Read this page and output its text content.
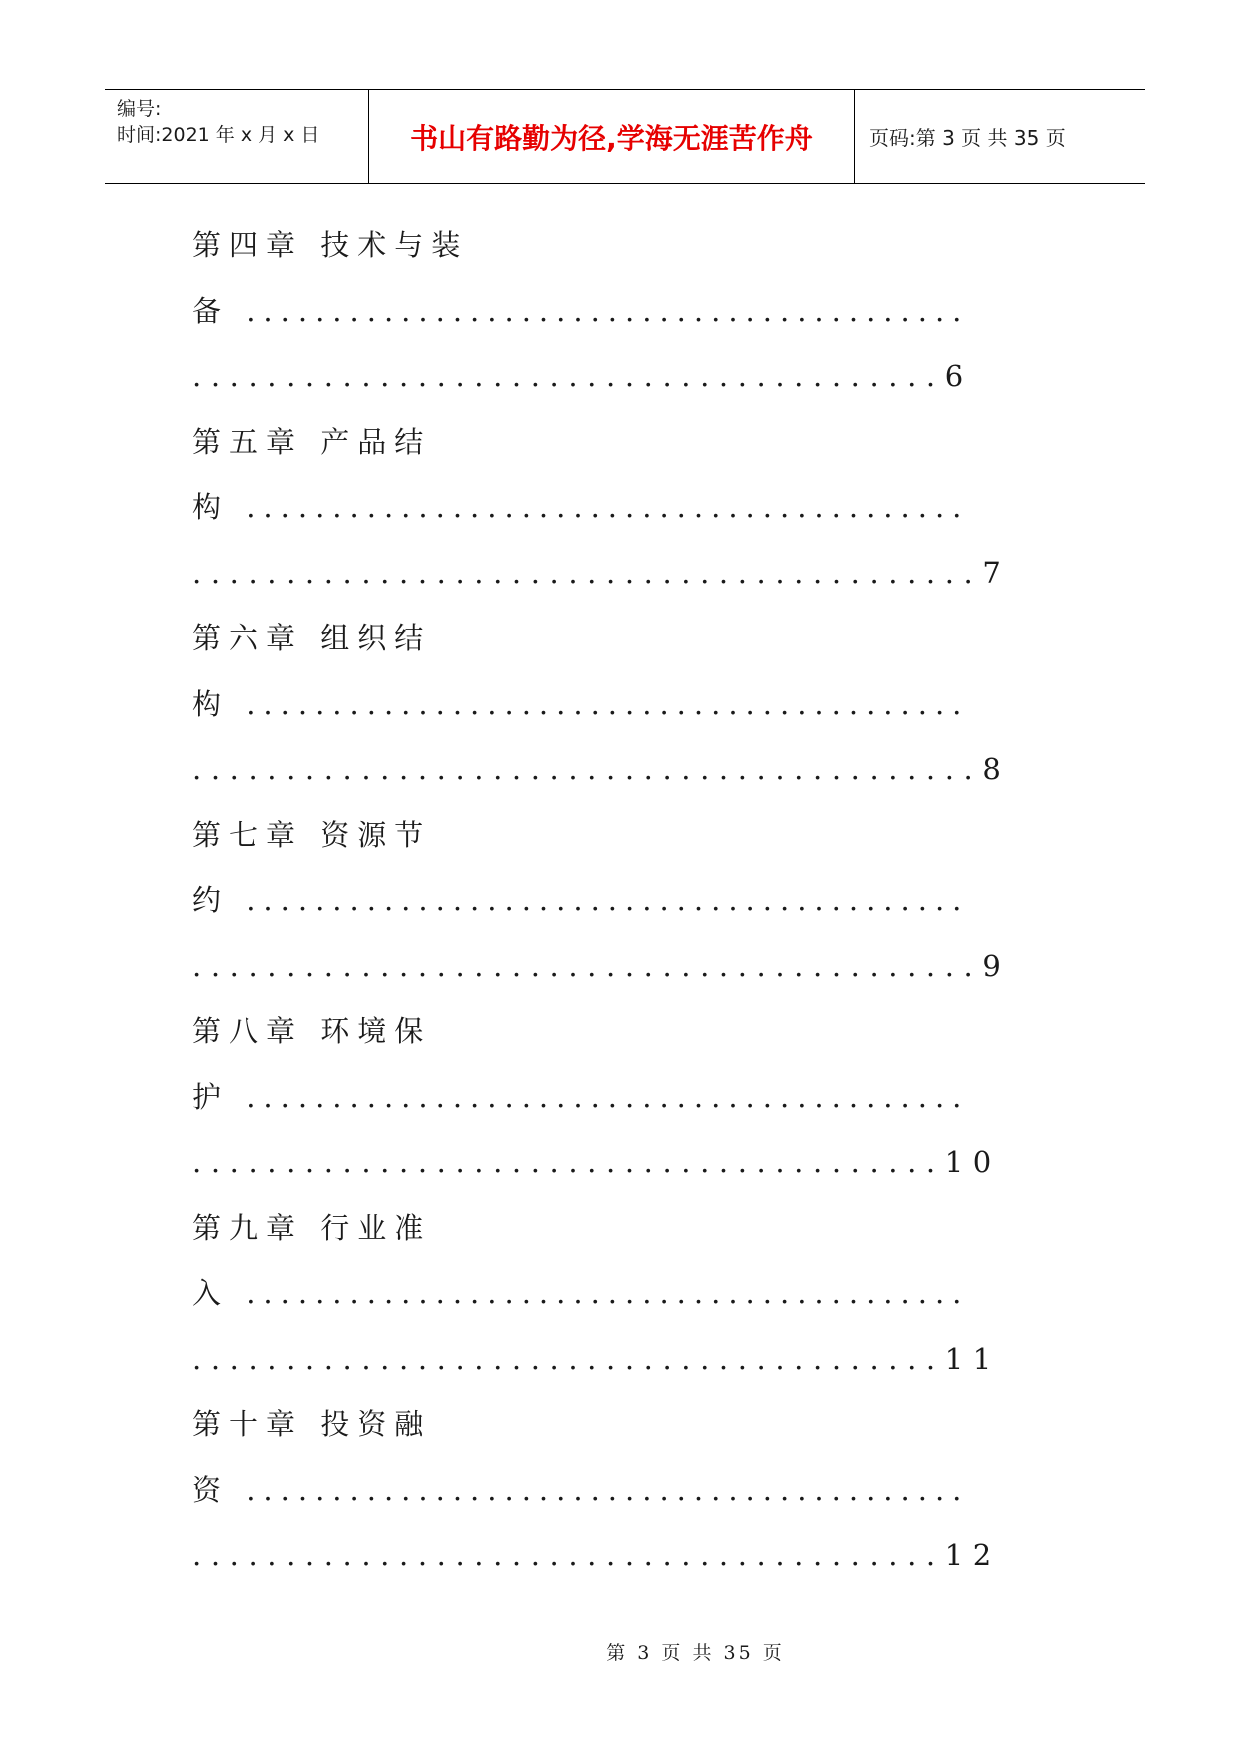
编号:
时间:2021 年 x 月 x 日	书山有路勤为径,学海无涯苦作舟	页码:第 3 页 共 35 页
第四章 技术与装
备 ..........................................
........................................6
第五章 产品结
构 ..........................................
..........................................7
第六章 组织结
构 ..........................................
..........................................8
第七章 资源节
约 ..........................................
..........................................9
第八章 环境保
护 ..........................................
........................................10
第九章 行业准
入 ..........................................
........................................11
第十章 投资融
资 ..........................................
........................................12
第 3 页 共 35 页
